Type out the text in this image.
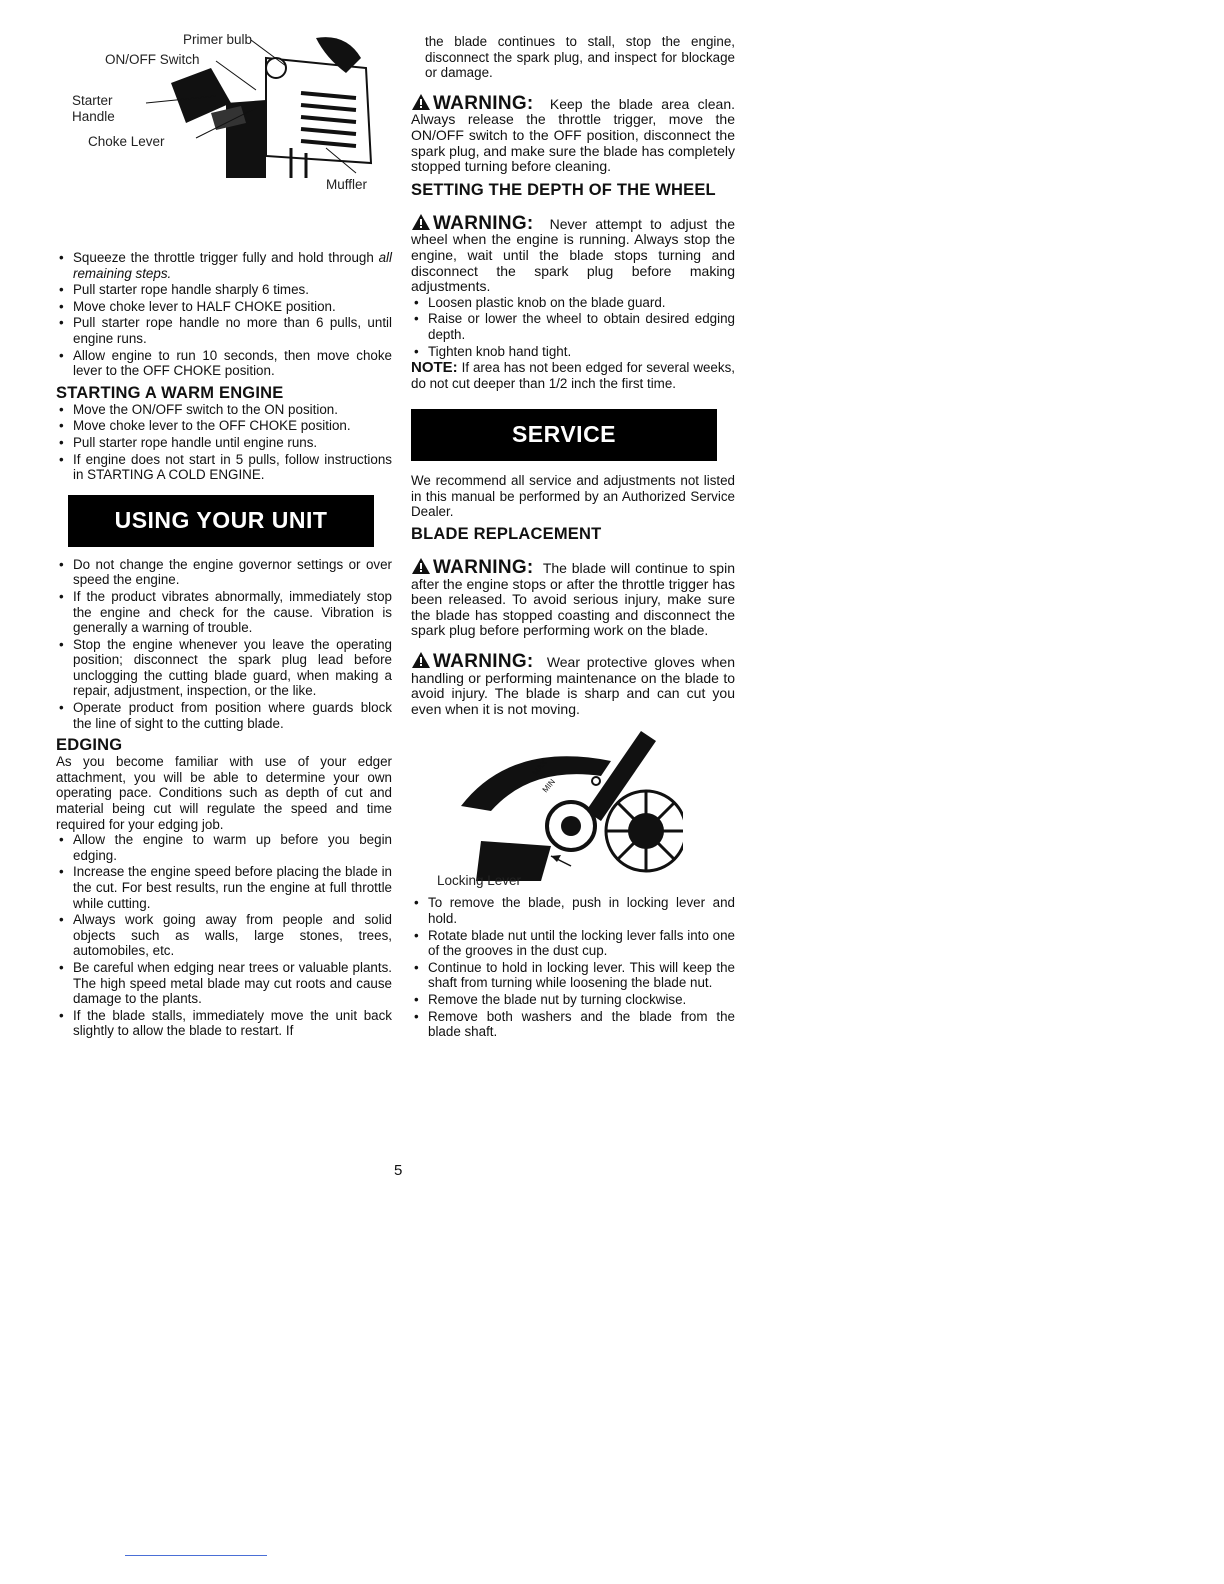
Primer bulb
ON/OFF Switch
Starter Handle
Choke Lever
Muffler
• Squeeze the throttle trigger fully and hold through all remaining steps.
• Pull starter rope handle sharply 6 times.
• Move choke lever to HALF CHOKE position.
• Pull starter rope handle no more than 6 pulls, until engine runs.
• Allow engine to run 10 seconds, then move choke lever to the OFF CHOKE position.
STARTING A WARM ENGINE
• Move the ON/OFF switch to the ON position.
• Move choke lever to the OFF CHOKE position.
• Pull starter rope handle until engine runs.
• If engine does not start in 5 pulls, follow instructions in STARTING A COLD ENGINE.
USING YOUR UNIT
• Do not change the engine governor settings or over speed the engine.
• If the product vibrates abnormally, immediately stop the engine and check for the cause. Vibration is generally a warning of trouble.
• Stop the engine whenever you leave the operating position; disconnect the spark plug lead before unclogging the cutting blade guard, when making a repair, adjustment, inspection, or the like.
• Operate product from position where guards block the line of sight to the cutting blade.
EDGING

As you become familiar with use of your edger attachment, you will be able to determine your own operating pace. Conditions such as depth of cut and material being cut will regulate the speed and time required for your edging job.

• Allow the engine to warm up before you begin edging.
• Increase the engine speed before placing the blade in the cut. For best results, run the engine at full throttle while cutting.
• Always work going away from people and solid objects such as walls, large stones, trees, automobiles, etc.
• Be careful when edging near trees or valuable plants. The high speed metal blade may cut roots and cause damage to the plants.
• If the blade stalls, immediately move the unit back slightly to allow the blade to restart. If

the blade continues to stall, stop the engine, disconnect the spark plug, and inspect for blockage or damage.

WARNING: Keep the blade area clean. Always release the throttle trigger, move the ON/OFF switch to the OFF position, disconnect the spark plug, and make sure the blade has completely stopped turning before cleaning.

SETTING THE DEPTH OF THE WHEEL

WARNING: Never attempt to adjust the wheel when the engine is running. Always stop the engine, wait until the blade stops turning and disconnect the spark plug before making adjustments.

• Loosen plastic knob on the blade guard.
• Raise or lower the wheel to obtain desired edging depth.
• Tighten knob hand tight.

NOTE: If area has not been edged for several weeks, do not cut deeper than 1/2 inch the first time.

SERVICE

We recommend all service and adjustments not listed in this manual be performed by an Authorized Service Dealer.

BLADE REPLACEMENT

WARNING: The blade will continue to spin after the engine stops or after the throttle trigger has been released. To avoid serious injury, make sure the blade has stopped coasting and disconnect the spark plug before performing work on the blade.

WARNING: Wear protective gloves when handling or performing maintenance on the blade to avoid injury. The blade is sharp and can cut you even when it is not moving.

MAX
MIN
Locking Lever
• To remove the blade, push in locking lever and hold.
• Rotate blade nut until the locking lever falls into one of the grooves in the dust cup.
• Continue to hold in locking lever. This will keep the shaft from turning while loosening the blade nut.
• Remove the blade nut by turning clockwise.
• Remove both washers and the blade from the blade shaft.
5
